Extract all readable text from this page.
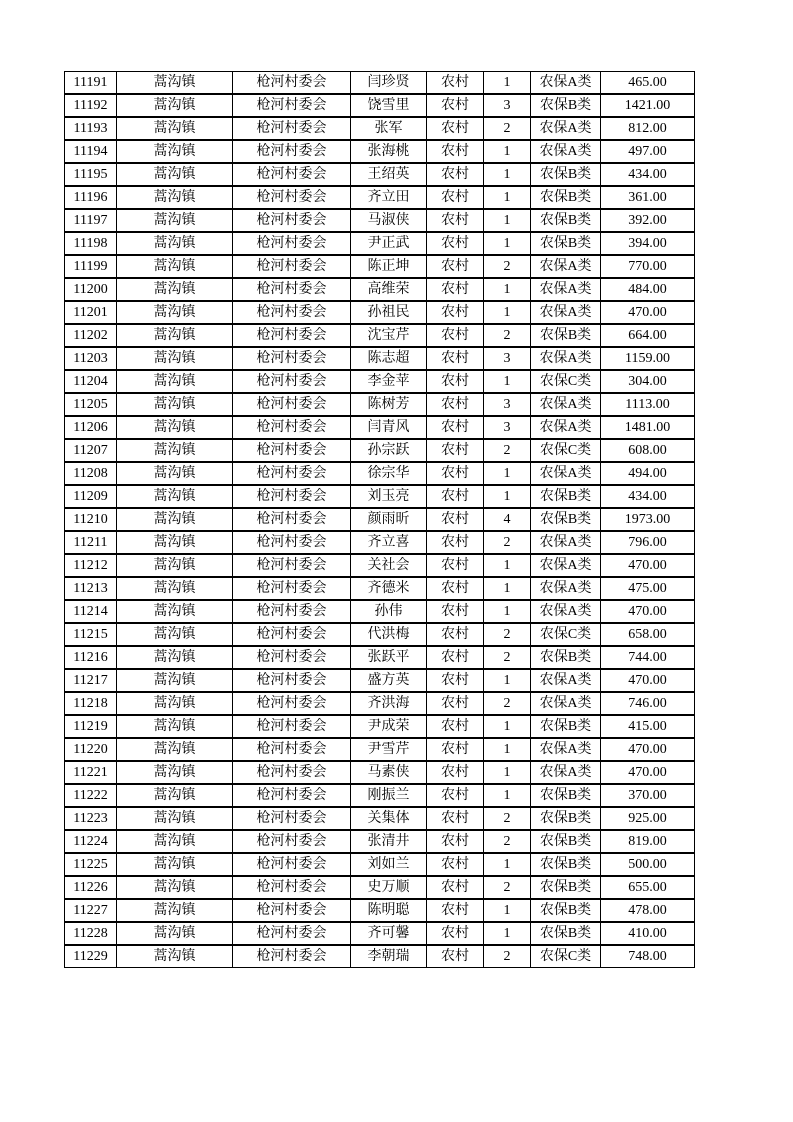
11191	蒿沟镇	枪河村委会	闫珍贤	农村	1	农保A类	465.00
11192	蒿沟镇	枪河村委会	饶雪里	农村	3	农保B类	1421.00
11193	蒿沟镇	枪河村委会	张军	农村	2	农保A类	812.00
11194	蒿沟镇	枪河村委会	张海桃	农村	1	农保A类	497.00
11195	蒿沟镇	枪河村委会	王绍英	农村	1	农保B类	434.00
11196	蒿沟镇	枪河村委会	齐立田	农村	1	农保B类	361.00
11197	蒿沟镇	枪河村委会	马淑侠	农村	1	农保B类	392.00
11198	蒿沟镇	枪河村委会	尹正武	农村	1	农保B类	394.00
11199	蒿沟镇	枪河村委会	陈正坤	农村	2	农保A类	770.00
11200	蒿沟镇	枪河村委会	高维荣	农村	1	农保A类	484.00
11201	蒿沟镇	枪河村委会	孙祖民	农村	1	农保A类	470.00
11202	蒿沟镇	枪河村委会	沈宝芹	农村	2	农保B类	664.00
11203	蒿沟镇	枪河村委会	陈志超	农村	3	农保A类	1159.00
11204	蒿沟镇	枪河村委会	李金苹	农村	1	农保C类	304.00
11205	蒿沟镇	枪河村委会	陈树芳	农村	3	农保A类	1113.00
11206	蒿沟镇	枪河村委会	闫青风	农村	3	农保A类	1481.00
11207	蒿沟镇	枪河村委会	孙宗跃	农村	2	农保C类	608.00
11208	蒿沟镇	枪河村委会	徐宗华	农村	1	农保A类	494.00
11209	蒿沟镇	枪河村委会	刘玉亮	农村	1	农保B类	434.00
11210	蒿沟镇	枪河村委会	颜雨昕	农村	4	农保B类	1973.00
11211	蒿沟镇	枪河村委会	齐立喜	农村	2	农保A类	796.00
11212	蒿沟镇	枪河村委会	关社会	农村	1	农保A类	470.00
11213	蒿沟镇	枪河村委会	齐德米	农村	1	农保A类	475.00
11214	蒿沟镇	枪河村委会	孙伟	农村	1	农保A类	470.00
11215	蒿沟镇	枪河村委会	代洪梅	农村	2	农保C类	658.00
11216	蒿沟镇	枪河村委会	张跃平	农村	2	农保B类	744.00
11217	蒿沟镇	枪河村委会	盛方英	农村	1	农保A类	470.00
11218	蒿沟镇	枪河村委会	齐洪海	农村	2	农保A类	746.00
11219	蒿沟镇	枪河村委会	尹成荣	农村	1	农保B类	415.00
11220	蒿沟镇	枪河村委会	尹雪芹	农村	1	农保A类	470.00
11221	蒿沟镇	枪河村委会	马素侠	农村	1	农保A类	470.00
11222	蒿沟镇	枪河村委会	刚振兰	农村	1	农保B类	370.00
11223	蒿沟镇	枪河村委会	关集体	农村	2	农保B类	925.00
11224	蒿沟镇	枪河村委会	张清井	农村	2	农保B类	819.00
11225	蒿沟镇	枪河村委会	刘如兰	农村	1	农保B类	500.00
11226	蒿沟镇	枪河村委会	史万顺	农村	2	农保B类	655.00
11227	蒿沟镇	枪河村委会	陈明聪	农村	1	农保B类	478.00
11228	蒿沟镇	枪河村委会	齐可馨	农村	1	农保B类	410.00
11229	蒿沟镇	枪河村委会	李朝瑞	农村	2	农保C类	748.00
